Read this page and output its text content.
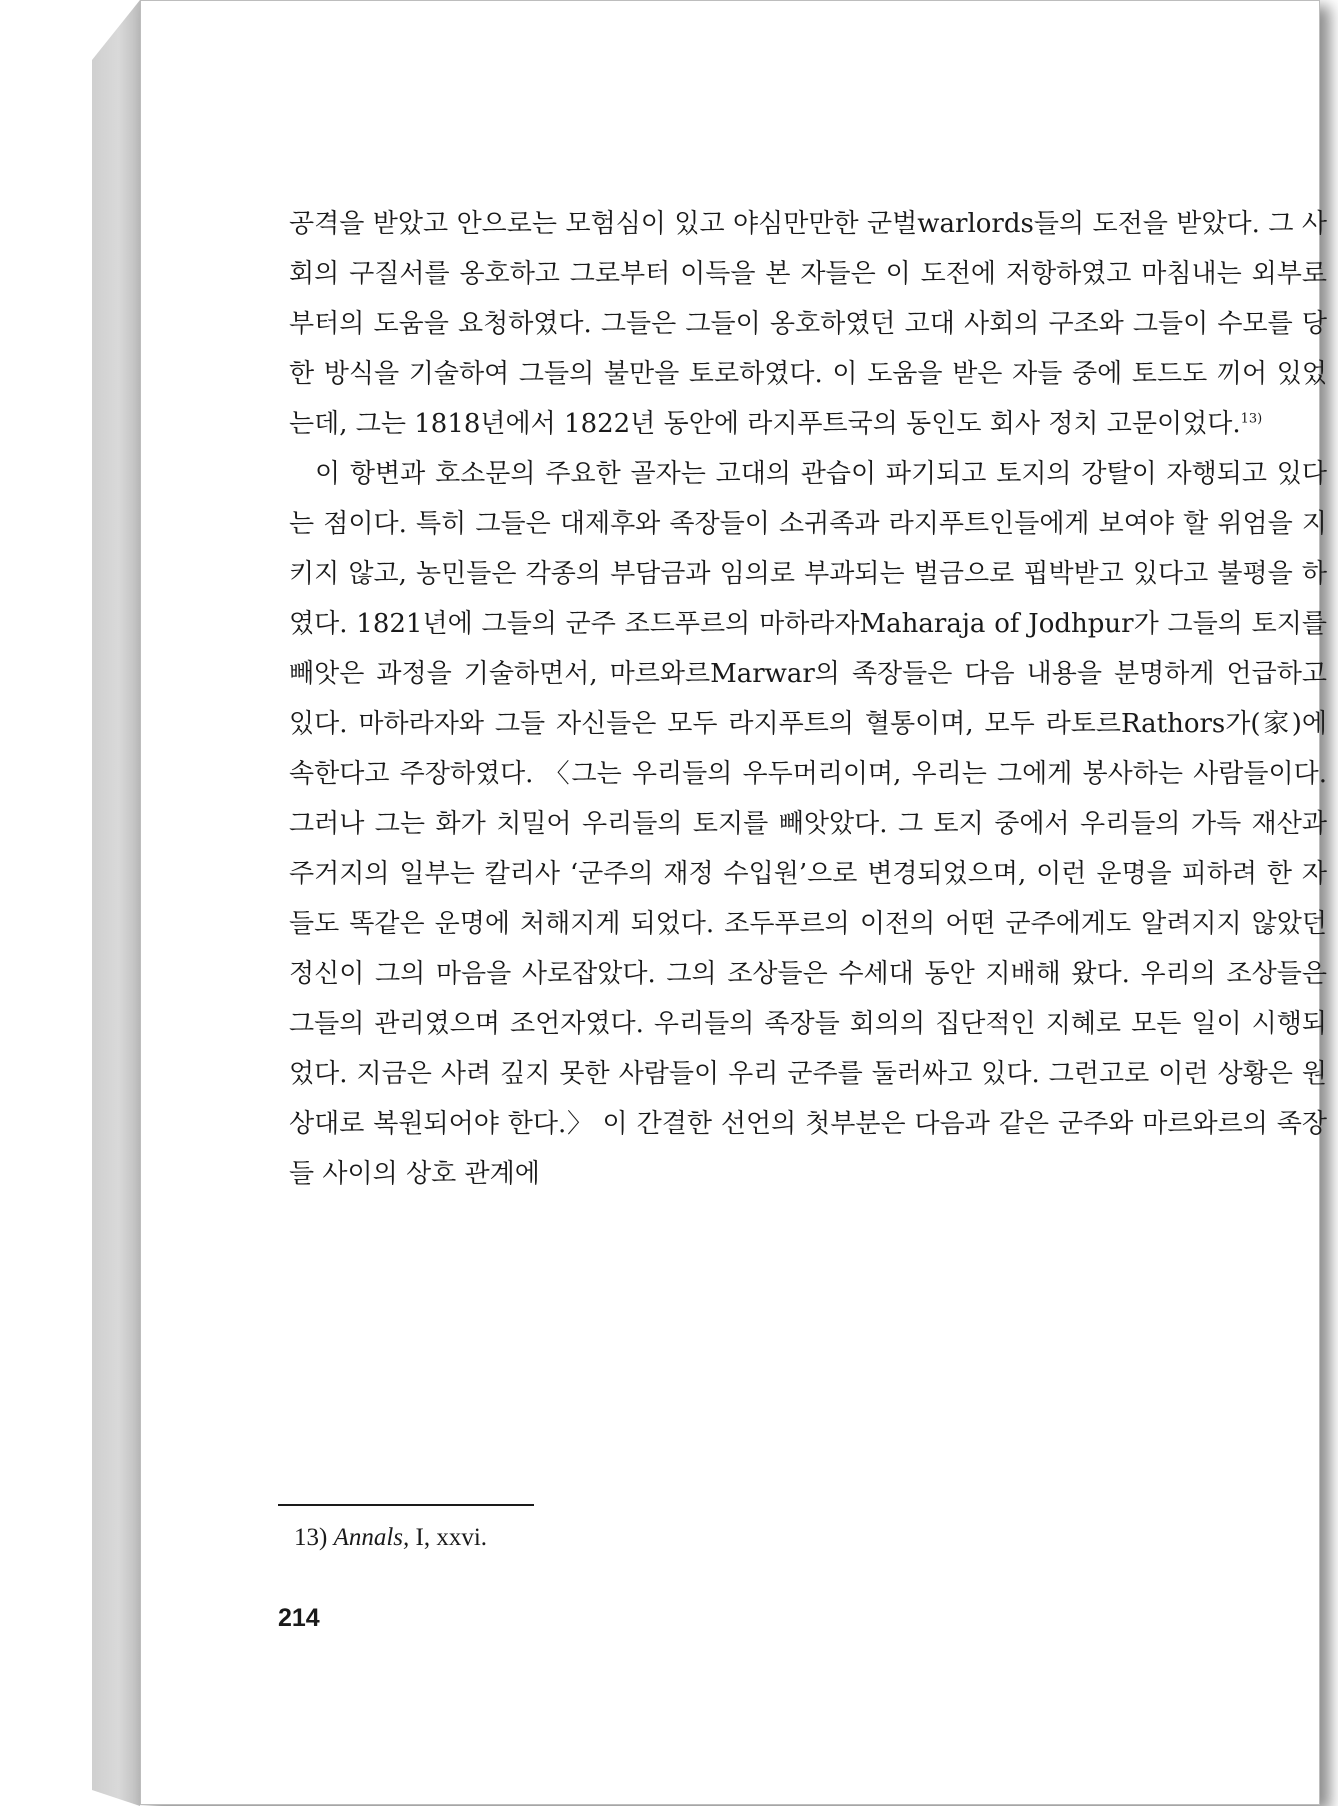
공격을 받았고 안으로는 모험심이 있고 야심만만한 군벌warlords들의 도전을 받았다. 그 사회의 구질서를 옹호하고 그로부터 이득을 본 자들은 이 도전에 저항하였고 마침내는 외부로부터의 도움을 요청하였다. 그들은 그들이 옹호하였던 고대 사회의 구조와 그들이 수모를 당한 방식을 기술하여 그들의 불만을 토로하였다. 이 도움을 받은 자들 중에 토드도 끼어 있었는데, 그는 1818년에서 1822년 동안에 라지푸트국의 동인도 회사 정치 고문이었다.$^{13)}$

이 항변과 호소문의 주요한 골자는 고대의 관습이 파기되고 토지의 강탈이 자행되고 있다는 점이다. 특히 그들은 대제후와 족장들이 소귀족과 라지푸트인들에게 보여야 할 위엄을 지키지 않고, 농민들은 각종의 부담금과 임의로 부과되는 벌금으로 핍박받고 있다고 불평을 하였다. 1821년에 그들의 군주 조드푸르의 마하라자Maharaja of Jodhpur가 그들의 토지를 빼앗은 과정을 기술하면서, 마르와르Marwar의 족장들은 다음 내용을 분명하게 언급하고 있다. 마하라자와 그들 자신들은 모두 라지푸트의 혈통이며, 모두 라토르Rathors가(家)에 속한다고 주장하였다. 〈그는 우리들의 우두머리이며, 우리는 그에게 봉사하는 사람들이다. 그러나 그는 화가 치밀어 우리들의 토지를 빼앗았다. 그 토지 중에서 우리들의 가득 재산과 주거지의 일부는 칼리사 ‘군주의 재정 수입원’으로 변경되었으며, 이런 운명을 피하려 한 자들도 똑같은 운명에 처해지게 되었다. 조두푸르의 이전의 어떤 군주에게도 알려지지 않았던 정신이 그의 마음을 사로잡았다. 그의 조상들은 수세대 동안 지배해 왔다. 우리의 조상들은 그들의 관리였으며 조언자였다. 우리들의 족장들 회의의 집단적인 지혜로 모든 일이 시행되었다. 지금은 사려 깊지 못한 사람들이 우리 군주를 둘러싸고 있다. 그런고로 이런 상황은 원상대로 복원되어야 한다.〉 이 간결한 선언의 첫부분은 다음과 같은 군주와 마르와르의 족장들 사이의 상호 관계에

13) Annals, I, xxvi.
214
